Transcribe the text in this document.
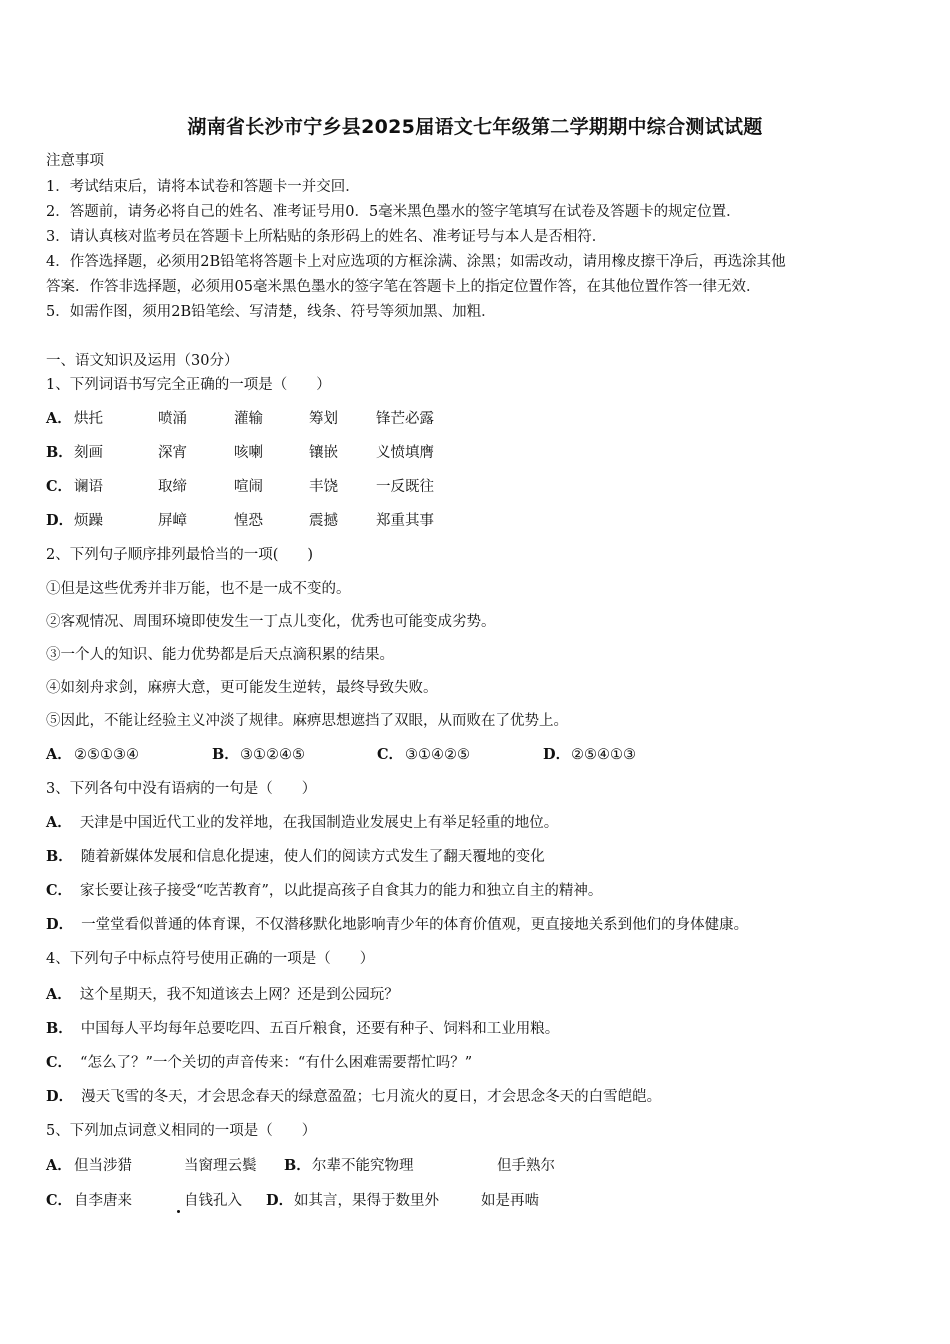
湖南省长沙市宁乡县2025届语文七年级第二学期期中综合测试试题
注意事项
1．考试结束后，请将本试卷和答题卡一并交回．
2．答题前，请务必将自己的姓名、准考证号用0．5毫米黑色墨水的签字笔填写在试卷及答题卡的规定位置．
3．请认真核对监考员在答题卡上所粘贴的条形码上的姓名、准考证号与本人是否相符．
4．作答选择题，必须用2B铅笔将答题卡上对应选项的方框涂满、涂黑；如需改动，请用橡皮擦干净后，再选涂其他
答案．作答非选择题，必须用05毫米黑色墨水的签字笔在答题卡上的指定位置作答，在其他位置作答一律无效．
5．如需作图，须用2B铅笔绘、写清楚，线条、符号等须加黑、加粗．
一、语文知识及运用（30分）
1、下列词语书写完全正确的一项是（　　）
A． 烘托	喷涌	灌输	筹划	锋芒必露
B． 刻画	深宵	咳喇	镶嵌	义愤填膺
C． 谰语	取缔	喧闹	丰饶	一反既往
D． 烦躁	屏嶂	惶恐	震撼	郑重其事
2、下列句子顺序排列最恰当的一项(　　)
①但是这些优秀并非万能，也不是一成不变的。
②客观情况、周围环境即使发生一丁点儿变化，优秀也可能变成劣势。
③一个人的知识、能力优势都是后天点滴积累的结果。
④如刻舟求剑，麻痹大意，更可能发生逆转，最终导致失败。
⑤因此，不能让经验主义冲淡了规律。麻痹思想遮挡了双眼，从而败在了优势上。
A． ②⑤①③④	B． ③①②④⑤	C． ③①④②⑤	D． ②⑤④①③
3、下列各句中没有语病的一句是（　　）
A． 天津是中国近代工业的发祥地，在我国制造业发展史上有举足轻重的地位。
B． 随着新媒体发展和信息化提速，使人们的阅读方式发生了翻天覆地的变化
C． 家长要让孩子接受“吃苦教育”，以此提高孩子自食其力的能力和独立自主的精神。
D． 一堂堂看似普通的体育课，不仅潜移默化地影响青少年的体育价值观，更直接地关系到他们的身体健康。
4、下列句子中标点符号使用正确的一项是（　　）
A． 这个星期天，我不知道该去上网？还是到公园玩？
B． 中国每人平均每年总要吃四、五百斤粮食，还要有种子、饲料和工业用粮。
C． “怎么了？”一个关切的声音传来：“有什么困难需要帮忙吗？”
D． 漫天飞雪的冬天，才会思念春天的绿意盈盈；七月流火的夏日，才会思念冬天的白雪皑皑。
5、下列加点词意义相同的一项是（　　）
A． 但当涉猎	当窗理云鬓 B． 尔辈不能究物理	但手熟尔
C． 自李唐来	自钱孔入 D． 如其言，果得于数里外	如是再啮
